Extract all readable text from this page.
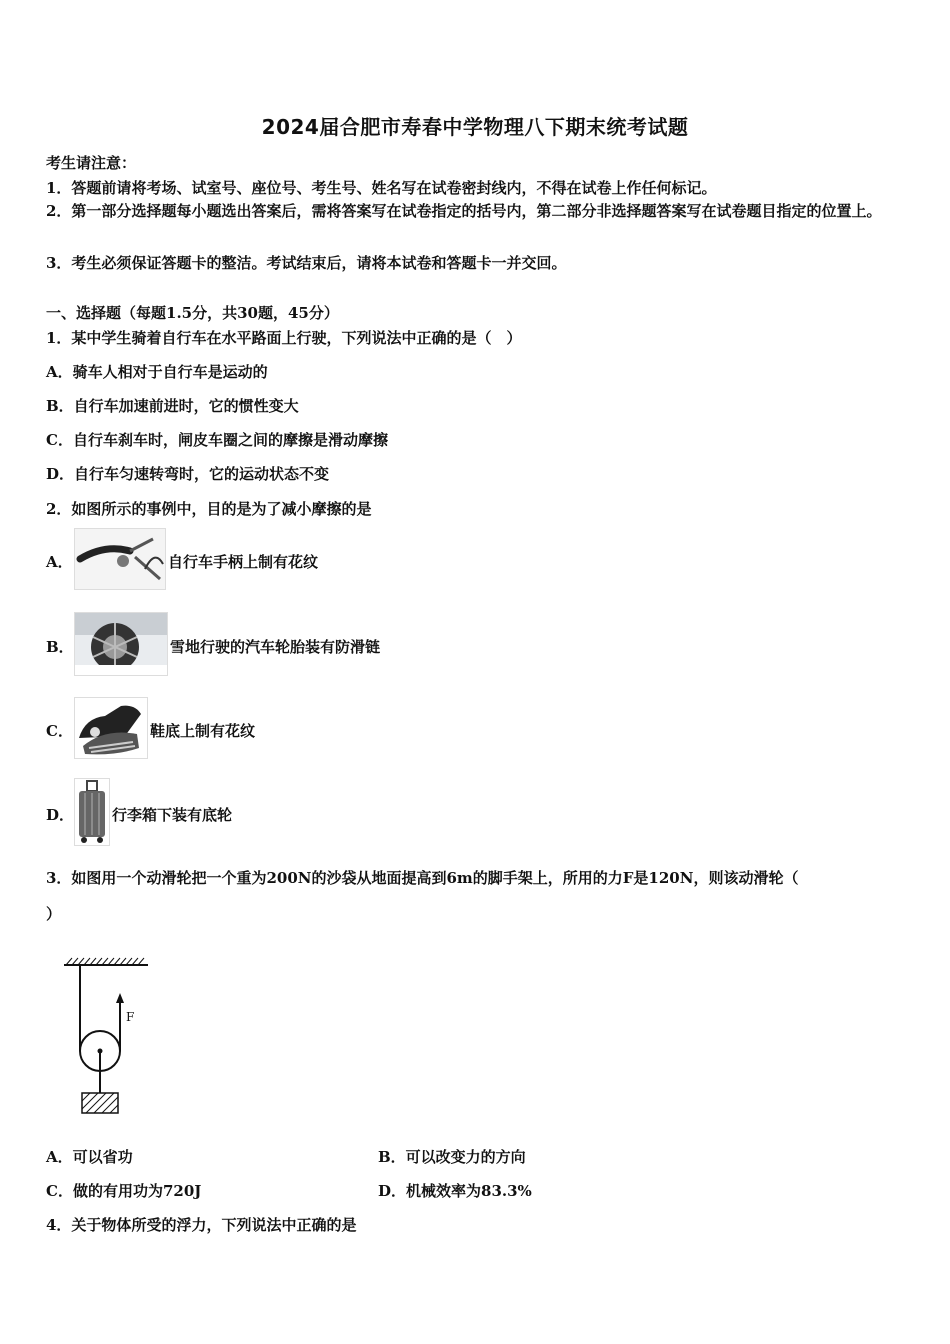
2024届合肥市寿春中学物理八下期末统考试题
考生请注意：
1．答题前请将考场、试室号、座位号、考生号、姓名写在试卷密封线内，不得在试卷上作任何标记。
2．第一部分选择题每小题选出答案后，需将答案写在试卷指定的括号内，第二部分非选择题答案写在试卷题目指定的位置上。
3．考生必须保证答题卡的整洁。考试结束后，请将本试卷和答题卡一并交回。
一、选择题（每题1.5分，共30题，45分）
1．某中学生骑着自行车在水平路面上行驶，下列说法中正确的是（　）
A．骑车人相对于自行车是运动的
B．自行车加速前进时，它的惯性变大
C．自行车刹车时，闸皮车圈之间的摩擦是滑动摩擦
D．自行车匀速转弯时，它的运动状态不变
2．如图所示的事例中，目的是为了减小摩擦的是
A．	自行车手柄上制有花纹
B．	雪地行驶的汽车轮胎装有防滑链
C．	鞋底上制有花纹
D．	行李箱下装有底轮
3．如图用一个动滑轮把一个重为200N的沙袋从地面提高到6m的脚手架上，所用的力F是120N，则该动滑轮（
）
F
A．可以省功	B．可以改变力的方向
C．做的有用功为720J	D．机械效率为83.3%
4．关于物体所受的浮力，下列说法中正确的是
